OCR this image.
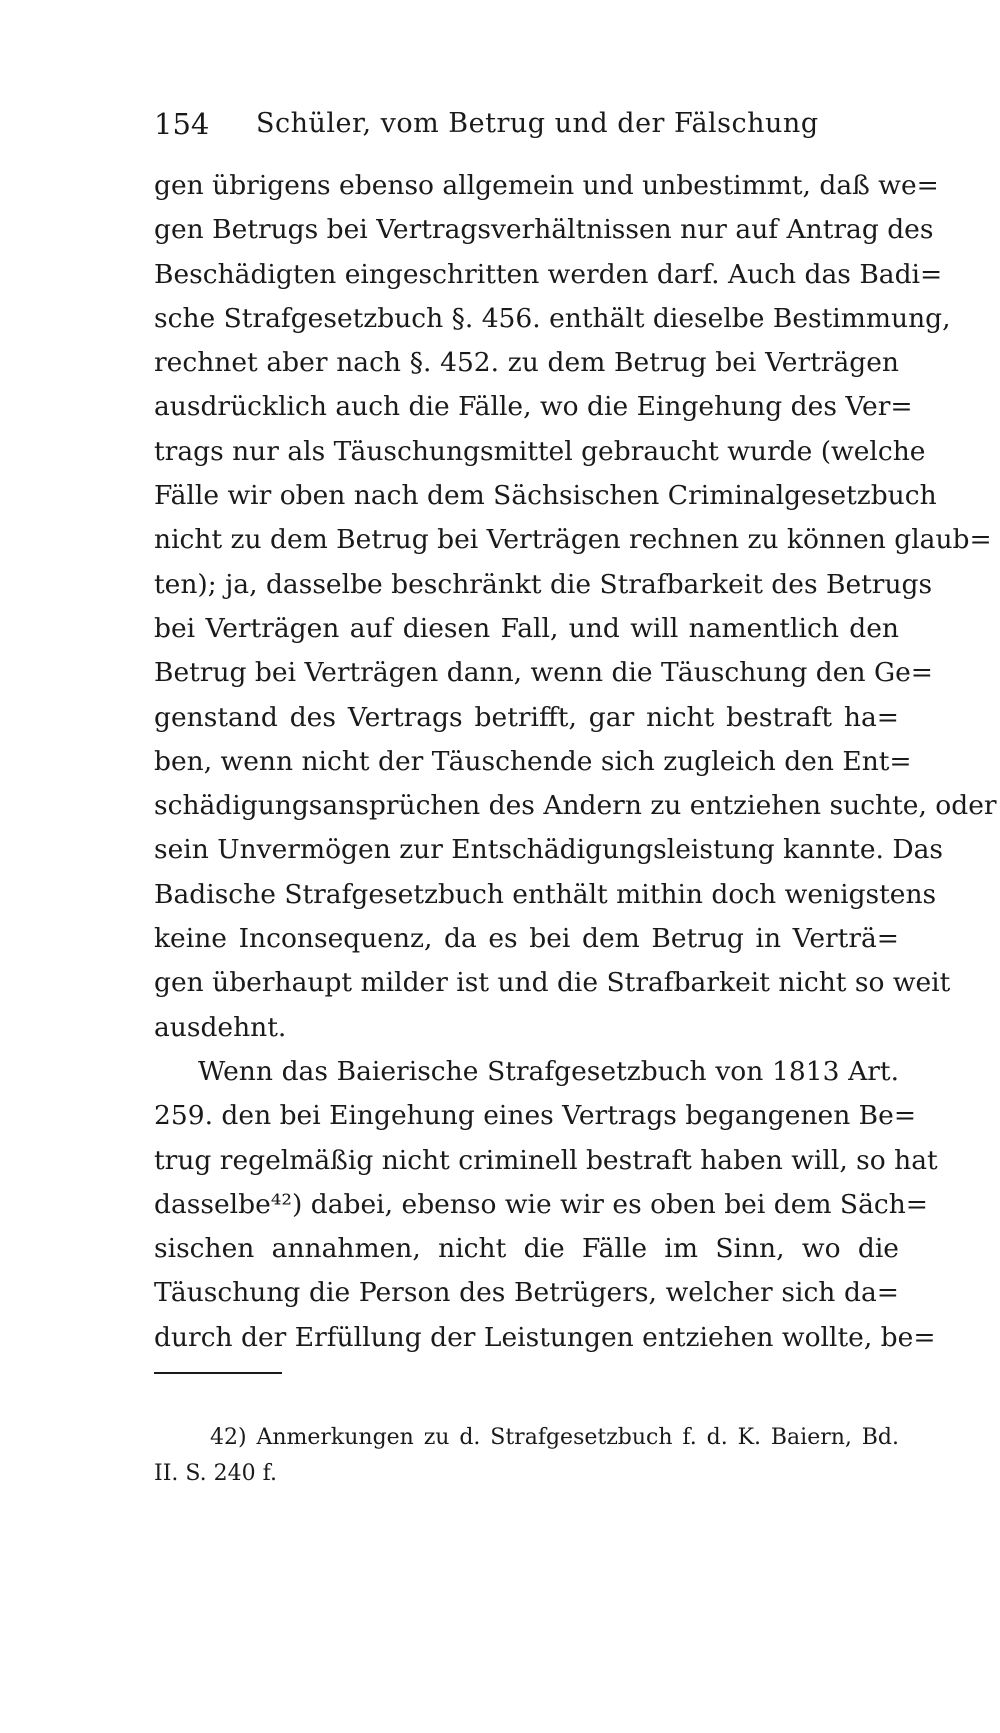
154 Schüler, vom Betrug und der Fälschung
gen übrigens ebenso allgemein und unbestimmt, daß we=
gen Betrugs bei Vertragsverhältnissen nur auf Antrag des
Beschädigten eingeschritten werden darf. Auch das Badi=
sche Strafgesetzbuch §. 456. enthält dieselbe Bestimmung,
rechnet aber nach §. 452. zu dem Betrug bei Verträgen
ausdrücklich auch die Fälle, wo die Eingehung des Ver=
trags nur als Täuschungsmittel gebraucht wurde (welche
Fälle wir oben nach dem Sächsischen Criminalgesetzbuch
nicht zu dem Betrug bei Verträgen rechnen zu können glaub=
ten); ja, dasselbe beschränkt die Strafbarkeit des Betrugs
bei Verträgen auf diesen Fall, und will namentlich den
Betrug bei Verträgen dann, wenn die Täuschung den Ge=
genstand des Vertrags betrifft, gar nicht bestraft ha=
ben, wenn nicht der Täuschende sich zugleich den Ent=
schädigungsansprüchen des Andern zu entziehen suchte, oder
sein Unvermögen zur Entschädigungsleistung kannte. Das
Badische Strafgesetzbuch enthält mithin doch wenigstens
keine Inconsequenz, da es bei dem Betrug in Verträ=
gen überhaupt milder ist und die Strafbarkeit nicht so weit
ausdehnt.
Wenn das Baierische Strafgesetzbuch von 1813 Art.
259. den bei Eingehung eines Vertrags begangenen Be=
trug regelmäßig nicht criminell bestraft haben will, so hat
dasselbe⁴²) dabei, ebenso wie wir es oben bei dem Säch=
sischen annahmen, nicht die Fälle im Sinn, wo die
Täuschung die Person des Betrügers, welcher sich da=
durch der Erfüllung der Leistungen entziehen wollte, be=
42) Anmerkungen zu d. Strafgesetzbuch f. d. K. Baiern, Bd.
II. S. 240 f.
